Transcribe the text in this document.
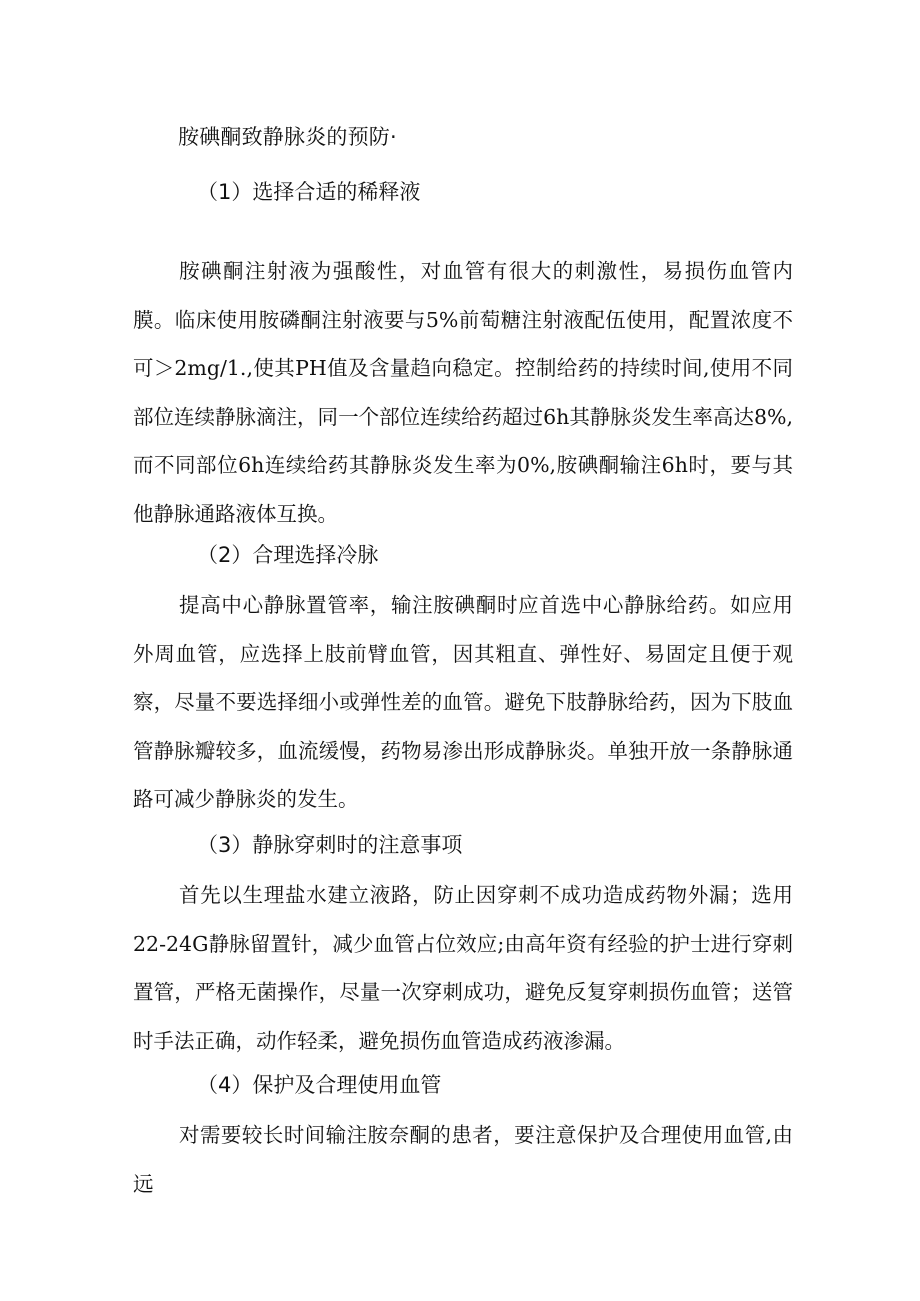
胺碘酮致静脉炎的预防·
（1）选择合适的稀释液
胺碘酮注射液为强酸性，对血管有很大的刺激性，易损伤血管内膜。临床使用胺磷酮注射液要与5%前萄糖注射液配伍使用，配置浓度不可＞2mg∕1.,使其PH值及含量趋向稳定。控制给药的持续时间,使用不同部位连续静脉滴注，同一个部位连续给药超过6h其静脉炎发生率高达8%,而不同部位6h连续给药其静脉炎发生率为0%,胺碘酮输注6h时，要与其他静脉通路液体互换。
（2）合理选择冷脉
提高中心静脉置管率，输注胺碘酮时应首选中心静脉给药。如应用外周血管，应选择上肢前臂血管，因其粗直、弹性好、易固定且便于观察，尽量不要选择细小或弹性差的血管。避免下肢静脉给药，因为下肢血管静脉瓣较多，血流缓慢，药物易渗出形成静脉炎。单独开放一条静脉通路可减少静脉炎的发生。
（3）静脉穿刺时的注意事项
首先以生理盐水建立液路，防止因穿刺不成功造成药物外漏；选用22-24G静脉留置针，减少血管占位效应;由高年资有经验的护士进行穿刺置管，严格无菌操作，尽量一次穿刺成功，避免反复穿刺损伤血管；送管时手法正确，动作轻柔，避免损伤血管造成药液渗漏。
（4）保护及合理使用血管
对需要较长时间输注胺奈酮的患者，要注意保护及合理使用血管,由远
